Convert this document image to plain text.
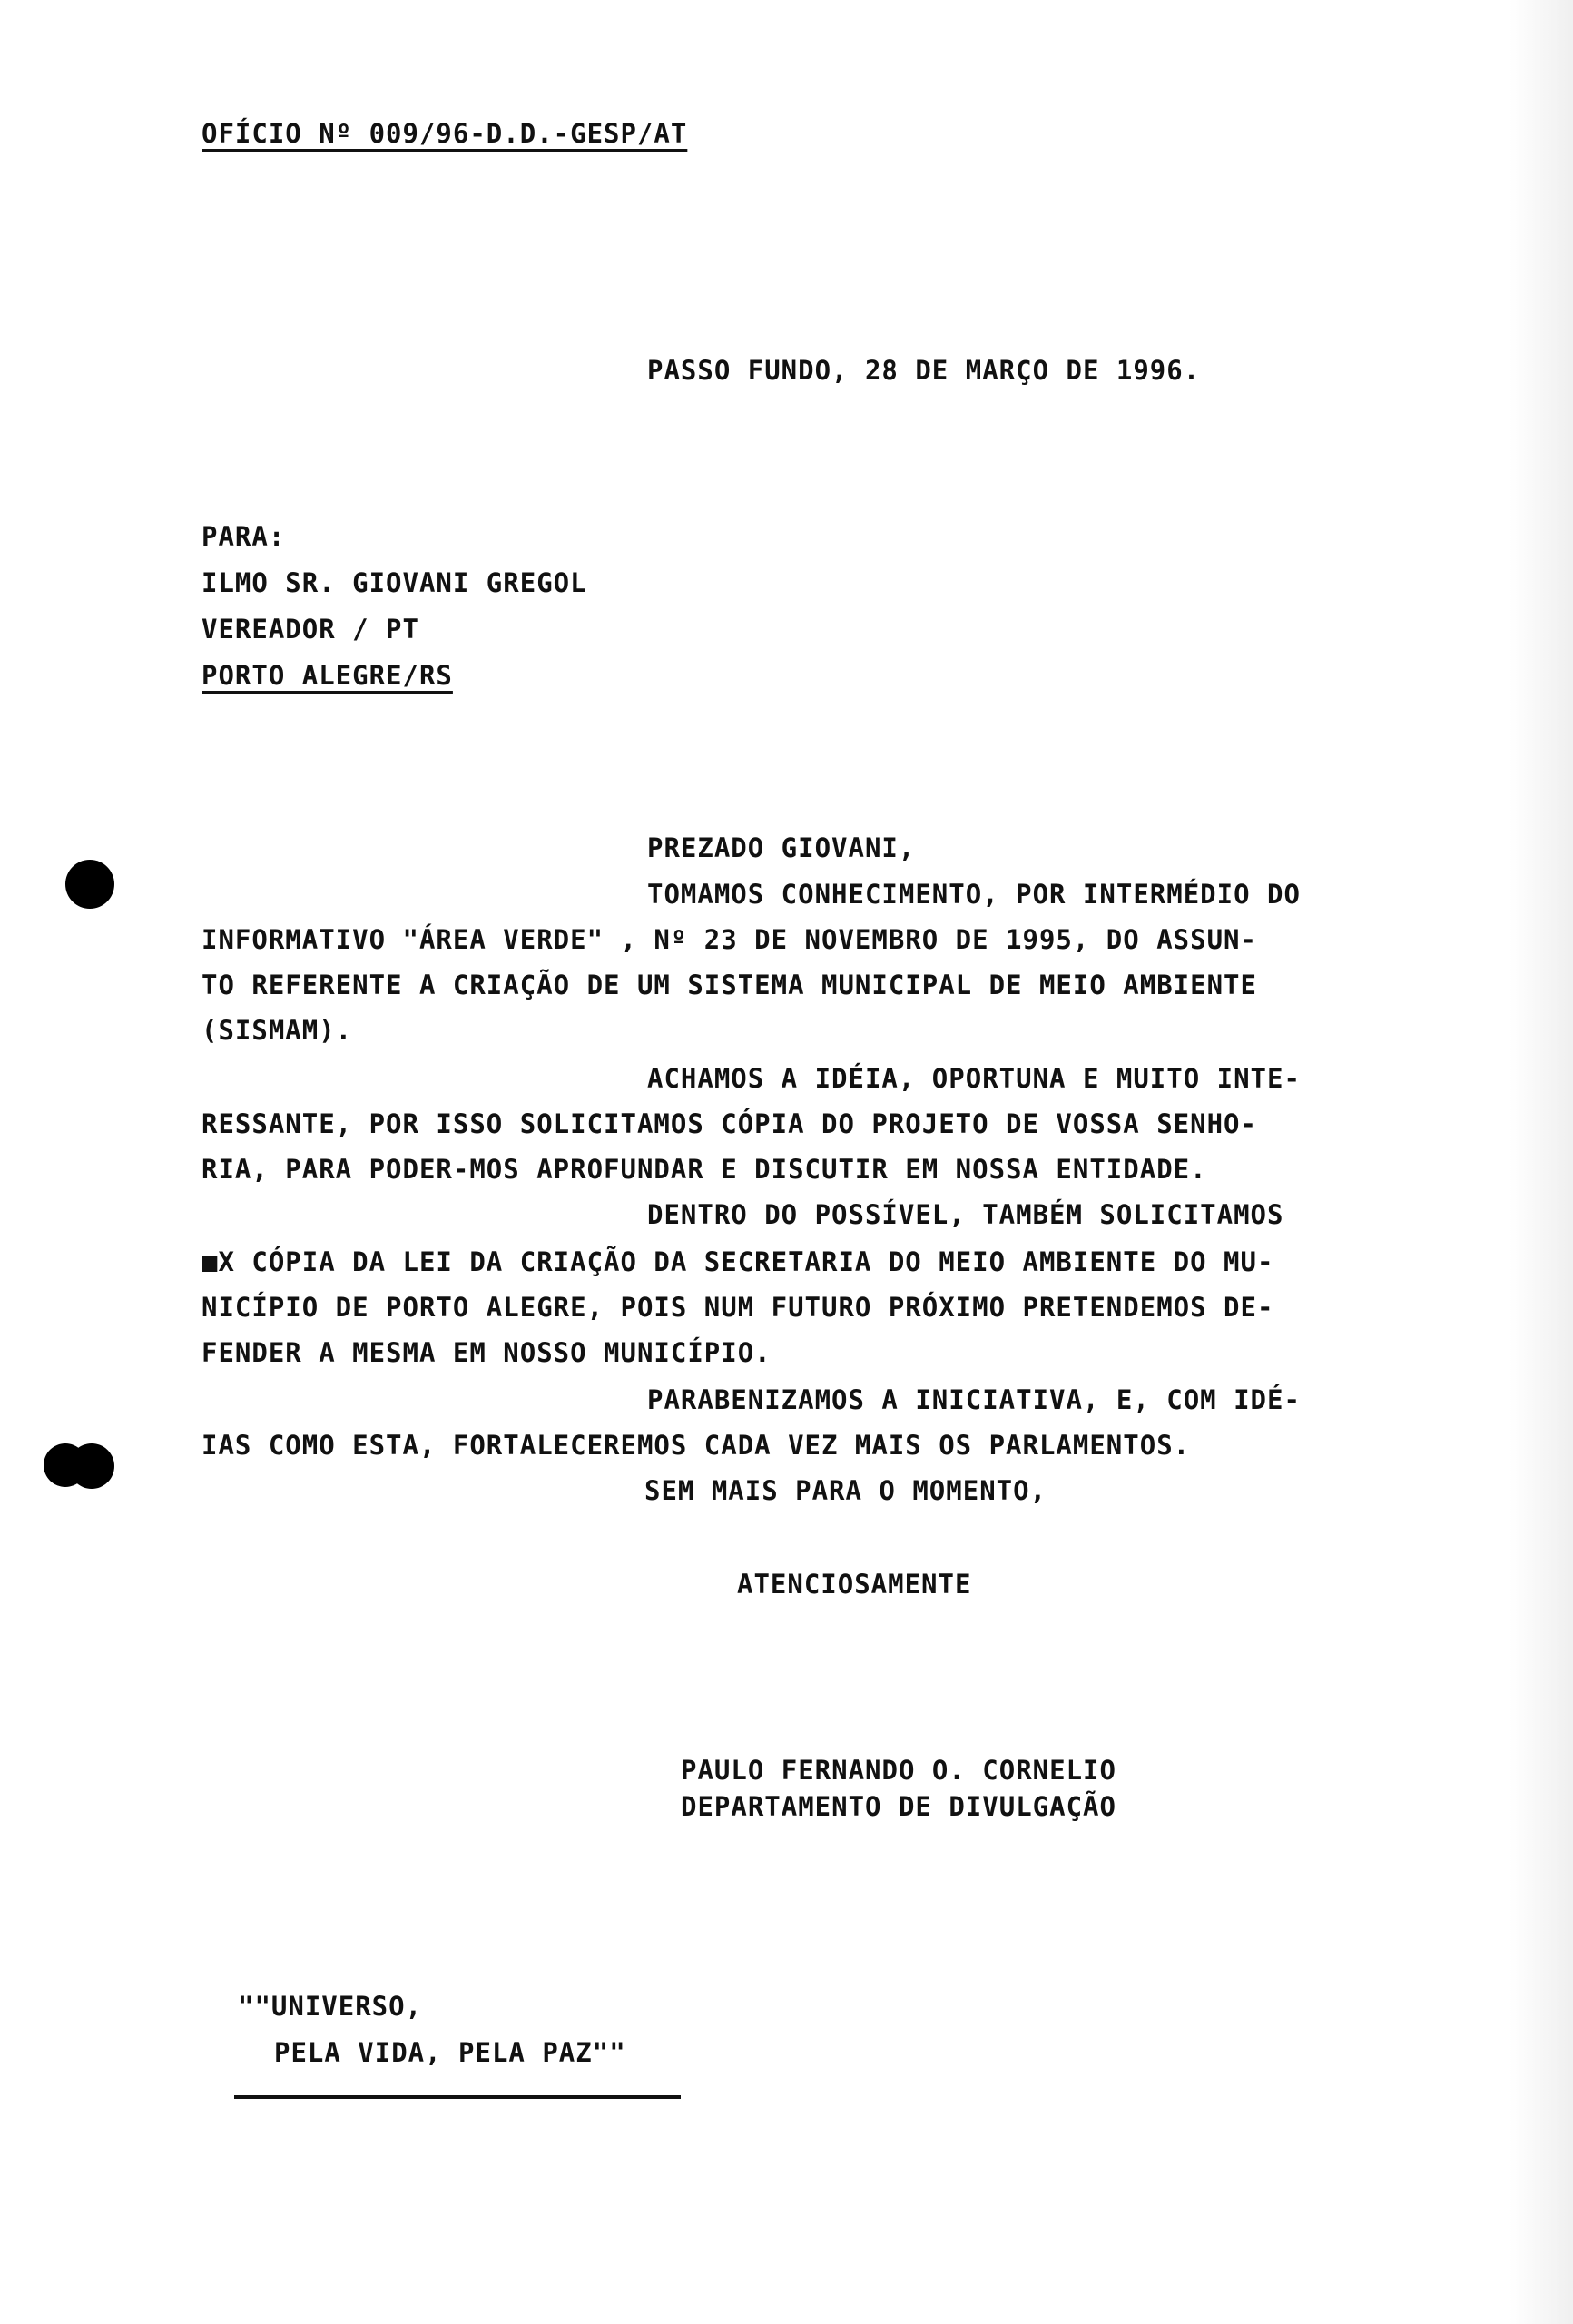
OFÍCIO Nº 009/96-D.D.-GESP/AT
PASSO FUNDO, 28 DE MARÇO DE 1996.
PARA:
ILMO SR. GIOVANI GREGOL
VEREADOR / PT
PORTO ALEGRE/RS
PREZADO GIOVANI,
TOMAMOS CONHECIMENTO, POR INTERMÉDIO DO
INFORMATIVO "ÁREA VERDE" , Nº 23 DE NOVEMBRO DE 1995, DO ASSUN-
TO REFERENTE A CRIAÇÃO DE UM SISTEMA MUNICIPAL DE MEIO AMBIENTE
(SISMAM).
ACHAMOS A IDÉIA, OPORTUNA E MUITO INTE-
RESSANTE, POR ISSO SOLICITAMOS CÓPIA DO PROJETO DE VOSSA SENHO-
RIA, PARA PODER-MOS APROFUNDAR E DISCUTIR EM NOSSA ENTIDADE.
DENTRO DO POSSÍVEL, TAMBÉM SOLICITAMOS
■X CÓPIA DA LEI DA CRIAÇÃO DA SECRETARIA DO MEIO AMBIENTE DO MU-
NICÍPIO DE PORTO ALEGRE, POIS NUM FUTURO PRÓXIMO PRETENDEMOS DE-
FENDER A MESMA EM NOSSO MUNICÍPIO.
PARABENIZAMOS A INICIATIVA, E, COM IDÉ-
IAS COMO ESTA, FORTALECEREMOS CADA VEZ MAIS OS PARLAMENTOS.
SEM MAIS PARA O MOMENTO,
ATENCIOSAMENTE
PAULO FERNANDO O. CORNELIO
DEPARTAMENTO DE DIVULGAÇÃO
""UNIVERSO,
PELA VIDA, PELA PAZ""
